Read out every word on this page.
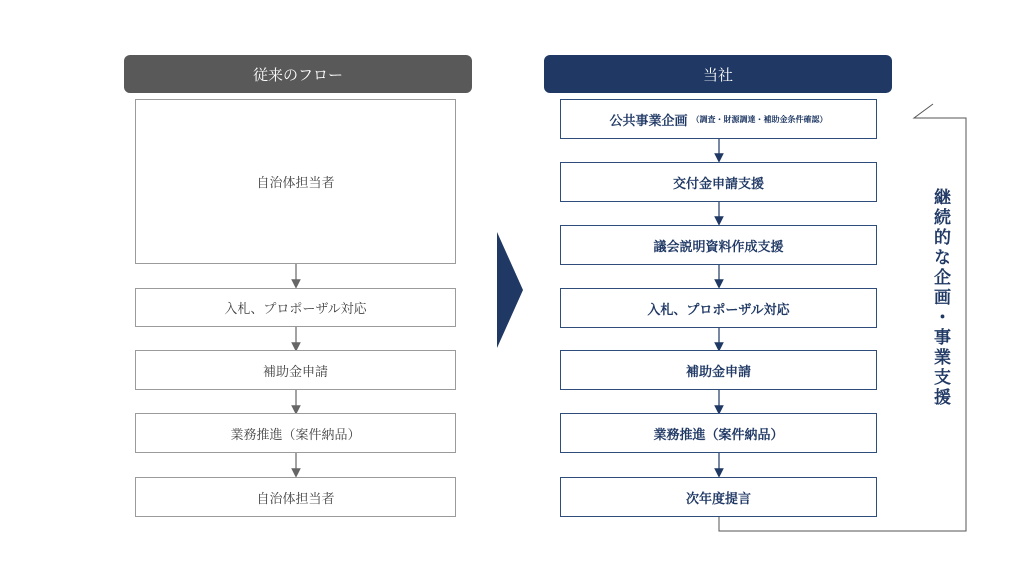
従来のフロー	当社
自治体担当者
入札、プロポーザル対応
補助金申請
業務推進（案件納品）
自治体担当者
公共事業企画 （調査・財源調達・補助金条件確認）
交付金申請支援
議会説明資料作成支援
入札、プロポーザル対応
補助金申請
業務推進（案件納品）
次年度提言
継続的な企画・事業支援
